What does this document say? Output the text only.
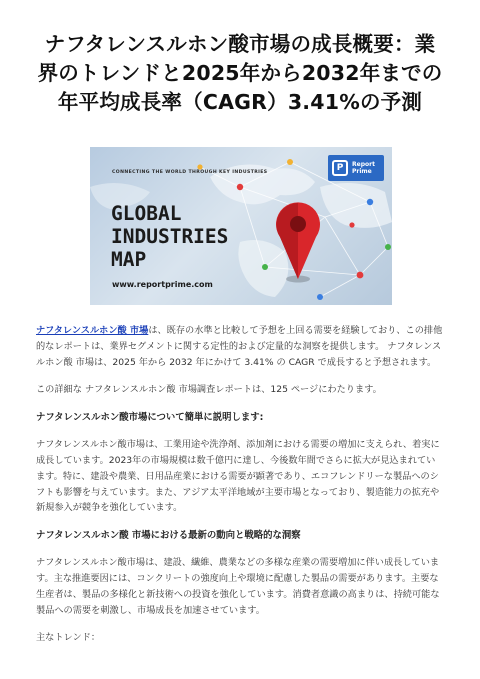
ナフタレンスルホン酸市場の成長概要：業界のトレンドと2025年から2032年までの年平均成長率（CAGR）3.41%の予測
CONNECTING THE WORLD THROUGH KEY INDUSTRIES
GLOBAL
INDUSTRIES
MAP
www.reportprime.com
P	Report
Prime

ナフタレンスルホン酸 市場は、既存の水準と比較して予想を上回る需要を経験しており、この排他的なレポートは、業界セグメントに関する定性的および定量的な洞察を提供します。 ナフタレンスルホン酸 市場は、2025 年から 2032 年にかけて 3.41% の CAGR で成長すると予想されます。

この詳細な ナフタレンスルホン酸 市場調査レポートは、125 ページにわたります。

ナフタレンスルホン酸市場について簡単に説明します:

ナフタレンスルホン酸市場は、工業用途や洗浄剤、添加剤における需要の増加に支えられ、着実に成長しています。2023年の市場規模は数千億円に達し、今後数年間でさらに拡大が見込まれています。特に、建設や農業、日用品産業における需要が顕著であり、エコフレンドリーな製品へのシフトも影響を与えています。また、アジア太平洋地域が主要市場となっており、製造能力の拡充や新規参入が競争を強化しています。

ナフタレンスルホン酸 市場における最新の動向と戦略的な洞察

ナフタレンスルホン酸市場は、建設、繊維、農業などの多様な産業の需要増加に伴い成長しています。主な推進要因には、コンクリートの強度向上や環境に配慮した製品の需要があります。主要な生産者は、製品の多様化と新技術への投資を強化しています。消費者意識の高まりは、持続可能な製品への需要を刺激し、市場成長を加速させています。

主なトレンド：
